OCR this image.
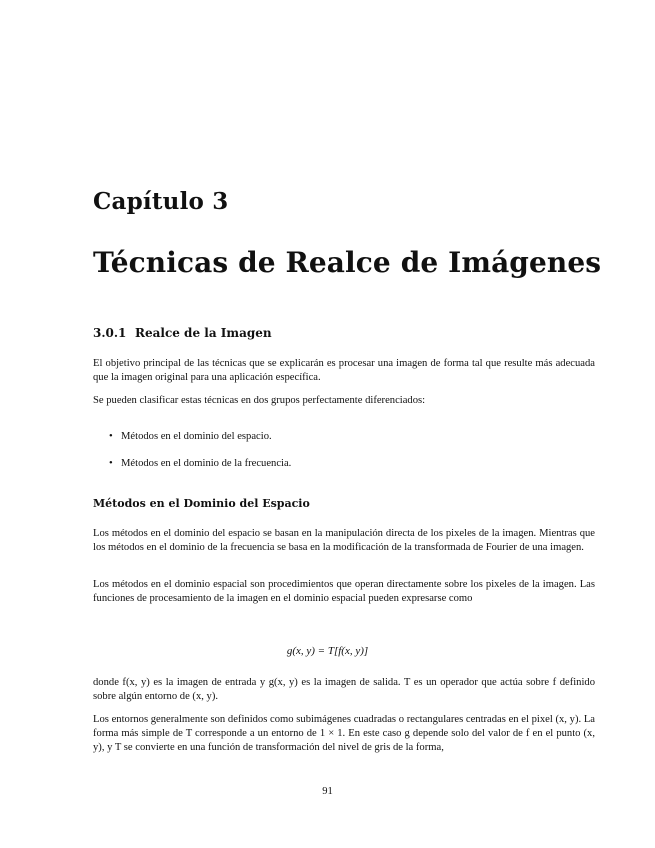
Capítulo 3
Técnicas de Realce de Imágenes
3.0.1 Realce de la Imagen
El objetivo principal de las técnicas que se explicarán es procesar una imagen de forma tal que resulte más adecuada que la imagen original para una aplicación específica.
Se pueden clasificar estas técnicas en dos grupos perfectamente diferenciados:
• Métodos en el dominio del espacio.
• Métodos en el dominio de la frecuencia.
Métodos en el Dominio del Espacio
Los métodos en el dominio del espacio se basan en la manipulación directa de los pixeles de la imagen. Mientras que los métodos en el dominio de la frecuencia se basa en la modificación de la transformada de Fourier de una imagen.
Los métodos en el dominio espacial son procedimientos que operan directamente sobre los pixeles de la imagen. Las funciones de procesamiento de la imagen en el dominio espacial pueden expresarse como
g(x, y) = T[f(x, y)]
donde f(x, y) es la imagen de entrada y g(x, y) es la imagen de salida. T es un operador que actúa sobre f definido sobre algún entorno de (x, y).
Los entornos generalmente son definidos como subimágenes cuadradas o rectangulares centradas en el pixel (x, y). La forma más simple de T corresponde a un entorno de 1 × 1. En este caso g depende solo del valor de f en el punto (x, y), y T se convierte en una función de transformación del nivel de gris de la forma,
91
